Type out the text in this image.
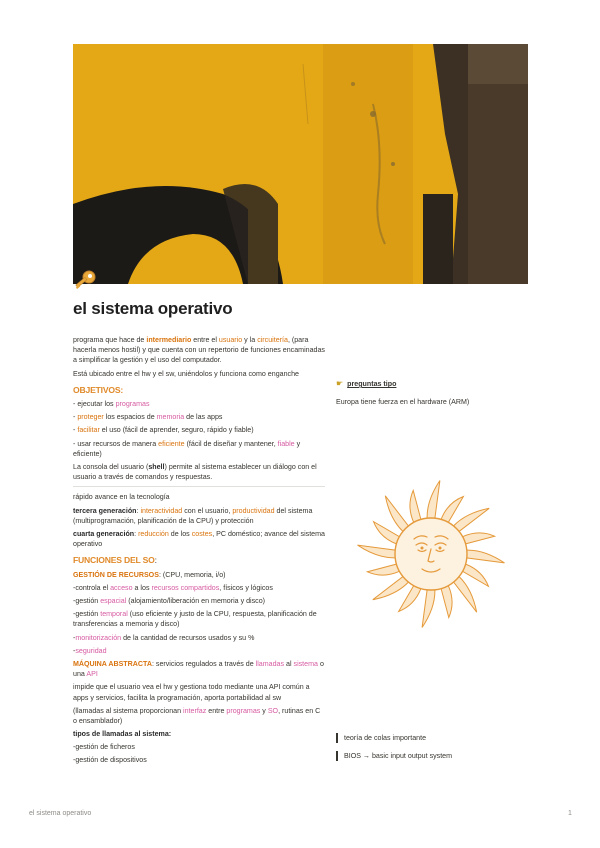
el sistema operativo

programa que hace de intermediario entre el usuario y la circuitería, (para hacerla menos hostil) y que cuenta con un repertorio de funciones encaminadas a simplificar la gestión y el uso del computador.

Está ubicado entre el hw y el sw, uniéndolos y funciona como enganche

OBJETIVOS:

- ejecutar los programas

- proteger los espacios de memoria de las apps

- facilitar el uso (fácil de aprender, seguro, rápido y fiable)

- usar recursos de manera eficiente (fácil de diseñar y mantener, fiable y eficiente)

La consola del usuario (shell) permite al sistema establecer un diálogo con el usuario a través de comandos y respuestas.

rápido avance en la tecnología

tercera generación: interactividad con el usuario, productividad del sistema (multiprogramación, planificación de la CPU) y protección

cuarta generación: reducción de los costes, PC doméstico; avance del sistema operativo

FUNCIONES DEL SO:

GESTIÓN DE RECURSOS: (CPU, memoria, i/o)

-controla el acceso a los recursos compartidos, físicos y lógicos

-gestión espacial (alojamiento/liberación en memoria y disco)

-gestión temporal (uso eficiente y justo de la CPU, respuesta, planificación de transferencias a memoria y disco)

-monitorización de la cantidad de recursos usados y su %

-seguridad

MÁQUINA ABSTRACTA: servicios regulados a través de llamadas al sistema o una API

impide que el usuario vea el hw y gestiona todo mediante una API común a apps y servicios, facilita la programación, aporta portabilidad al sw

(llamadas al sistema proporcionan interfaz entre programas y SO, rutinas en C o ensamblador)

tipos de llamadas al sistema:

-gestión de ficheros

-gestión de dispositivos

☛ preguntas tipo

Europa tiene fuerza en el hardware (ARM)

teoría de colas importante
BIOS → basic input output system
el sistema operativo	1
